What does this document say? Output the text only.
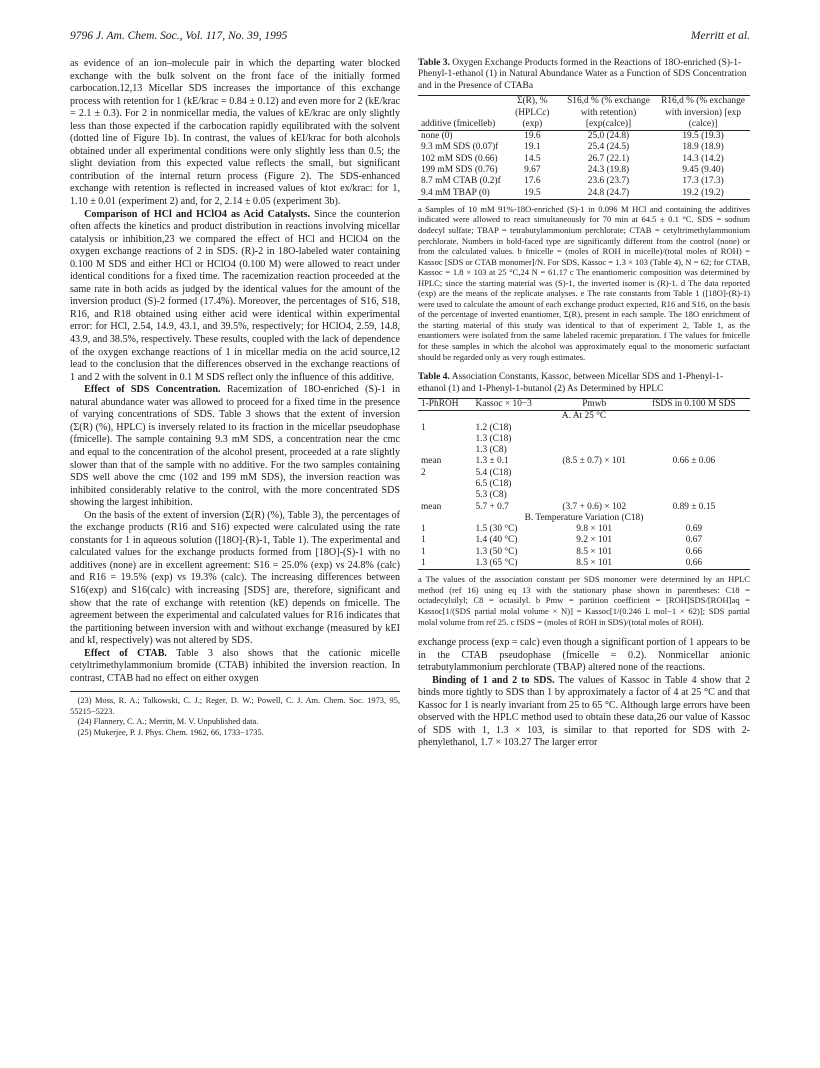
9796 J. Am. Chem. Soc., Vol. 117, No. 39, 1995	Merritt et al.

as evidence of an ion–molecule pair in which the departing water blocked exchange with the bulk solvent on the front face of the initially formed carbocation.12,13 Micellar SDS increases the importance of this exchange process with retention for 1 (kE/krac = 0.84 ± 0.12) and even more for 2 (kE/krac = 2.1 ± 0.3). For 2 in nonmicellar media, the values of kE/krac are only slightly less than those expected if the carbocation rapidly equilibrated with the solvent (dotted line of Figure 1b). In contrast, the values of kEI/krac for both alcohols obtained under all experimental conditions were only slightly less than 0.5; the slight deviation from this expected value reflects the small, but significant contribution of the internal return process (Figure 2). The SDS-enhanced exchange with retention is reflected in increased values of ktot ex/krac: for 1, 1.10 ± 0.01 (experiment 2) and, for 2, 2.14 ± 0.05 (experiment 3b).

Comparison of HCl and HClO4 as Acid Catalysts. Since the counterion often affects the kinetics and product distribution in reactions involving micellar catalysis or inhibition,23 we compared the effect of HCl and HClO4 on the oxygen exchange reactions of 2 in SDS. (R)-2 in 18O-labeled water containing 0.100 M SDS and either HCl or HClO4 (0.100 M) were allowed to react under identical conditions for a fixed time. The racemization reaction proceeded at the same rate in both acids as judged by the identical values for the amount of the inversion product (S)-2 formed (17.4%). Moreover, the percentages of S16, S18, R16, and R18 obtained using either acid were identical within experimental error: for HCl, 2.54, 14.9, 43.1, and 39.5%, respectively; for HClO4, 2.59, 14.8, 43.9, and 38.5%, respectively. These results, coupled with the lack of dependence of the oxygen exchange reactions of 1 in micellar media on the acid source,12 lead to the conclusion that the differences observed in the exchange reactions of 1 and 2 with the solvent in 0.1 M SDS reflect only the influence of this additive.

Effect of SDS Concentration. Racemization of 18O-enriched (S)-1 in natural abundance water was allowed to proceed for a fixed time in the presence of varying concentrations of SDS. Table 3 shows that the extent of inversion (Σ(R) (%), HPLC) is inversely related to its fraction in the micellar pseudophase (fmicelle). The sample containing 9.3 mM SDS, a concentration near the cmc and equal to the concentration of the alcohol present, proceeded at a rate slightly slower than that of the sample with no additive. For the two samples containing SDS well above the cmc (102 and 199 mM SDS), the inversion reaction was inhibited considerably relative to the control, with the more concentrated SDS showing the largest inhibition.

On the basis of the extent of inversion (Σ(R) (%), Table 3), the percentages of the exchange products (R16 and S16) expected were calculated using the rate constants for 1 in aqueous solution ([18O]-(R)-1, Table 1). The experimental and calculated values for the exchange products formed from [18O]-(S)-1 with no additives (none) are in excellent agreement: S16 = 25.0% (exp) vs 24.8% (calc) and R16 = 19.5% (exp) vs 19.3% (calc). The increasing differences between S16(exp) and S16(calc) with increasing [SDS] are, therefore, significant and show that the rate of exchange with retention (kE) depends on fmicelle. The agreement between the experimental and calculated values for R16 indicates that the partitioning between inversion with and without exchange (measured by kEI and kI, respectively) was not altered by SDS.

Effect of CTAB. Table 3 also shows that the cationic micelle cetyltrimethylammonium bromide (CTAB) inhibited the inversion reaction. In contrast, CTAB had no effect on either oxygen

(23) Moss, R. A.; Talkowski, C. J.; Reger, D. W.; Powell, C. J. Am. Chem. Soc. 1973, 95, 55215−5223.

(24) Flannery, C. A.; Merritt, M. V. Unpublished data.

(25) Mukerjee, P. J. Phys. Chem. 1962, 66, 1733−1735.

Table 3. Oxygen Exchange Products formed in the Reactions of 18O-enriched (S)-1-Phenyl-1-ethanol (1) in Natural Abundance Water as a Function of SDS Concentration and in the Presence of CTABa

additive (fmicelleb)	Σ(R), % (HPLCc) (exp)	S16,d % (% exchange with retention) [exp(calce)]	R16,d % (% exchange with inversion) [exp (calce)]
none (0)	19.6	25.0 (24.8)	19.5 (19.3)
9.3 mM SDS (0.07)f	19.1	25.4 (24.5)	18.9 (18.9)
102 mM SDS (0.66)	14.5	26.7 (22.1)	14.3 (14.2)
199 mM SDS (0.76)	9.67	24.3 (19.8)	9.45 (9.40)
8.7 mM CTAB (0.2)f	17.6	23.6 (23.7)	17.3 (17.3)
9.4 mM TBAP (0)	19.5	24.8 (24.7)	19.2 (19.2)

a Samples of 10 mM 91%-18O-enriched (S)-1 in 0.096 M HCl and containing the additives indicated were allowed to react simultaneously for 70 min at 64.5 ± 0.1 °C. SDS = sodium dodecyl sulfate; TBAP = tetrabutylammonium perchlorate; CTAB = cetyltrimethylammonium perchlorate. Numbers in bold-faced type are significantly different from the control (none) or from the calculated values. b fmicelle = (moles of ROH in micelle)/(total moles of ROH) = Kassoc [SDS or CTAB monomer]/N. For SDS, Kassoc = 1.3 × 103 (Table 4), N = 62; for CTAB, Kassoc = 1.8 × 103 at 25 °C,24 N = 61.17 c The enantiomeric composition was determined by HPLC; since the starting material was (S)-1, the inverted isomer is (R)-1. d The data reported (exp) are the means of the replicate analyses. e The rate constants from Table 1 ([18O]-(R)-1) were used to calculate the amount of each exchange product expected, R16 and S16, on the basis of the percentage of inverted enantiomer, Σ(R), present in each sample. The 18O enrichment of the starting material of this study was identical to that of experiment 2, Table 1, as the enantiomers were isolated from the same labeled racemic preparation. f The values for fmicelle for these samples in which the alcohol was approximately equal to the monomeric surfactant should be regarded only as very rough estimates.

Table 4. Association Constants, Kassoc, between Micellar SDS and 1-Phenyl-1-ethanol (1) and 1-Phenyl-1-butanol (2) As Determined by HPLC

1-PhROH	Kassoc × 10−3	Pmwb	fSDS in 0.100 M SDS
A. At 25 °C			
1	1.2 (C18)		
	1.3 (C18)		
	1.3 (C8)		
mean	1.3 ± 0.1	(8.5 ± 0.7) × 101	0.66 ± 0.06
2	5.4 (C18)		
	6.5 (C18)		
	5.3 (C8)		
mean	5.7 + 0.7	(3.7 + 0.6) × 102	0.89 ± 0.15
B. Temperature Variation (C18)			
1	1.5 (30 °C)	9.8 × 101	0.69
1	1.4 (40 °C)	9.2 × 101	0.67
1	1.3 (50 °C)	8.5 × 101	0.66
1	1.3 (65 °C)	8.5 × 101	0.66

a The values of the association constant per SDS monomer were determined by an HPLC method (ref 16) using eq 13 with the stationary phase shown in parentheses: C18 = octadecylsilyl; C8 = octasilyl. b Pmw = partition coefficient = [ROH]SDS/[ROH]aq = Kassoc[1/(SDS partial molal volume × N)] = Kassoc[1/(0.246 L mol−1 × 62)]; SDS partial molal volume from ref 25. c fSDS = (moles of ROH in SDS)/(total moles of ROH).

exchange process (exp = calc) even though a significant portion of 1 appears to be in the CTAB pseudophase (fmicelle = 0.2). Nonmicellar anionic tetrabutylammonium perchlorate (TBAP) altered none of the reactions.

Binding of 1 and 2 to SDS. The values of Kassoc in Table 4 show that 2 binds more tightly to SDS than 1 by approximately a factor of 4 at 25 °C and that Kassoc for 1 is nearly invariant from 25 to 65 °C. Although large errors have been observed with the HPLC method used to obtain these data,26 our value of Kassoc of SDS with 1, 1.3 × 103, is similar to that reported for SDS with 2-phenylethanol, 1.7 × 103.27 The larger error
